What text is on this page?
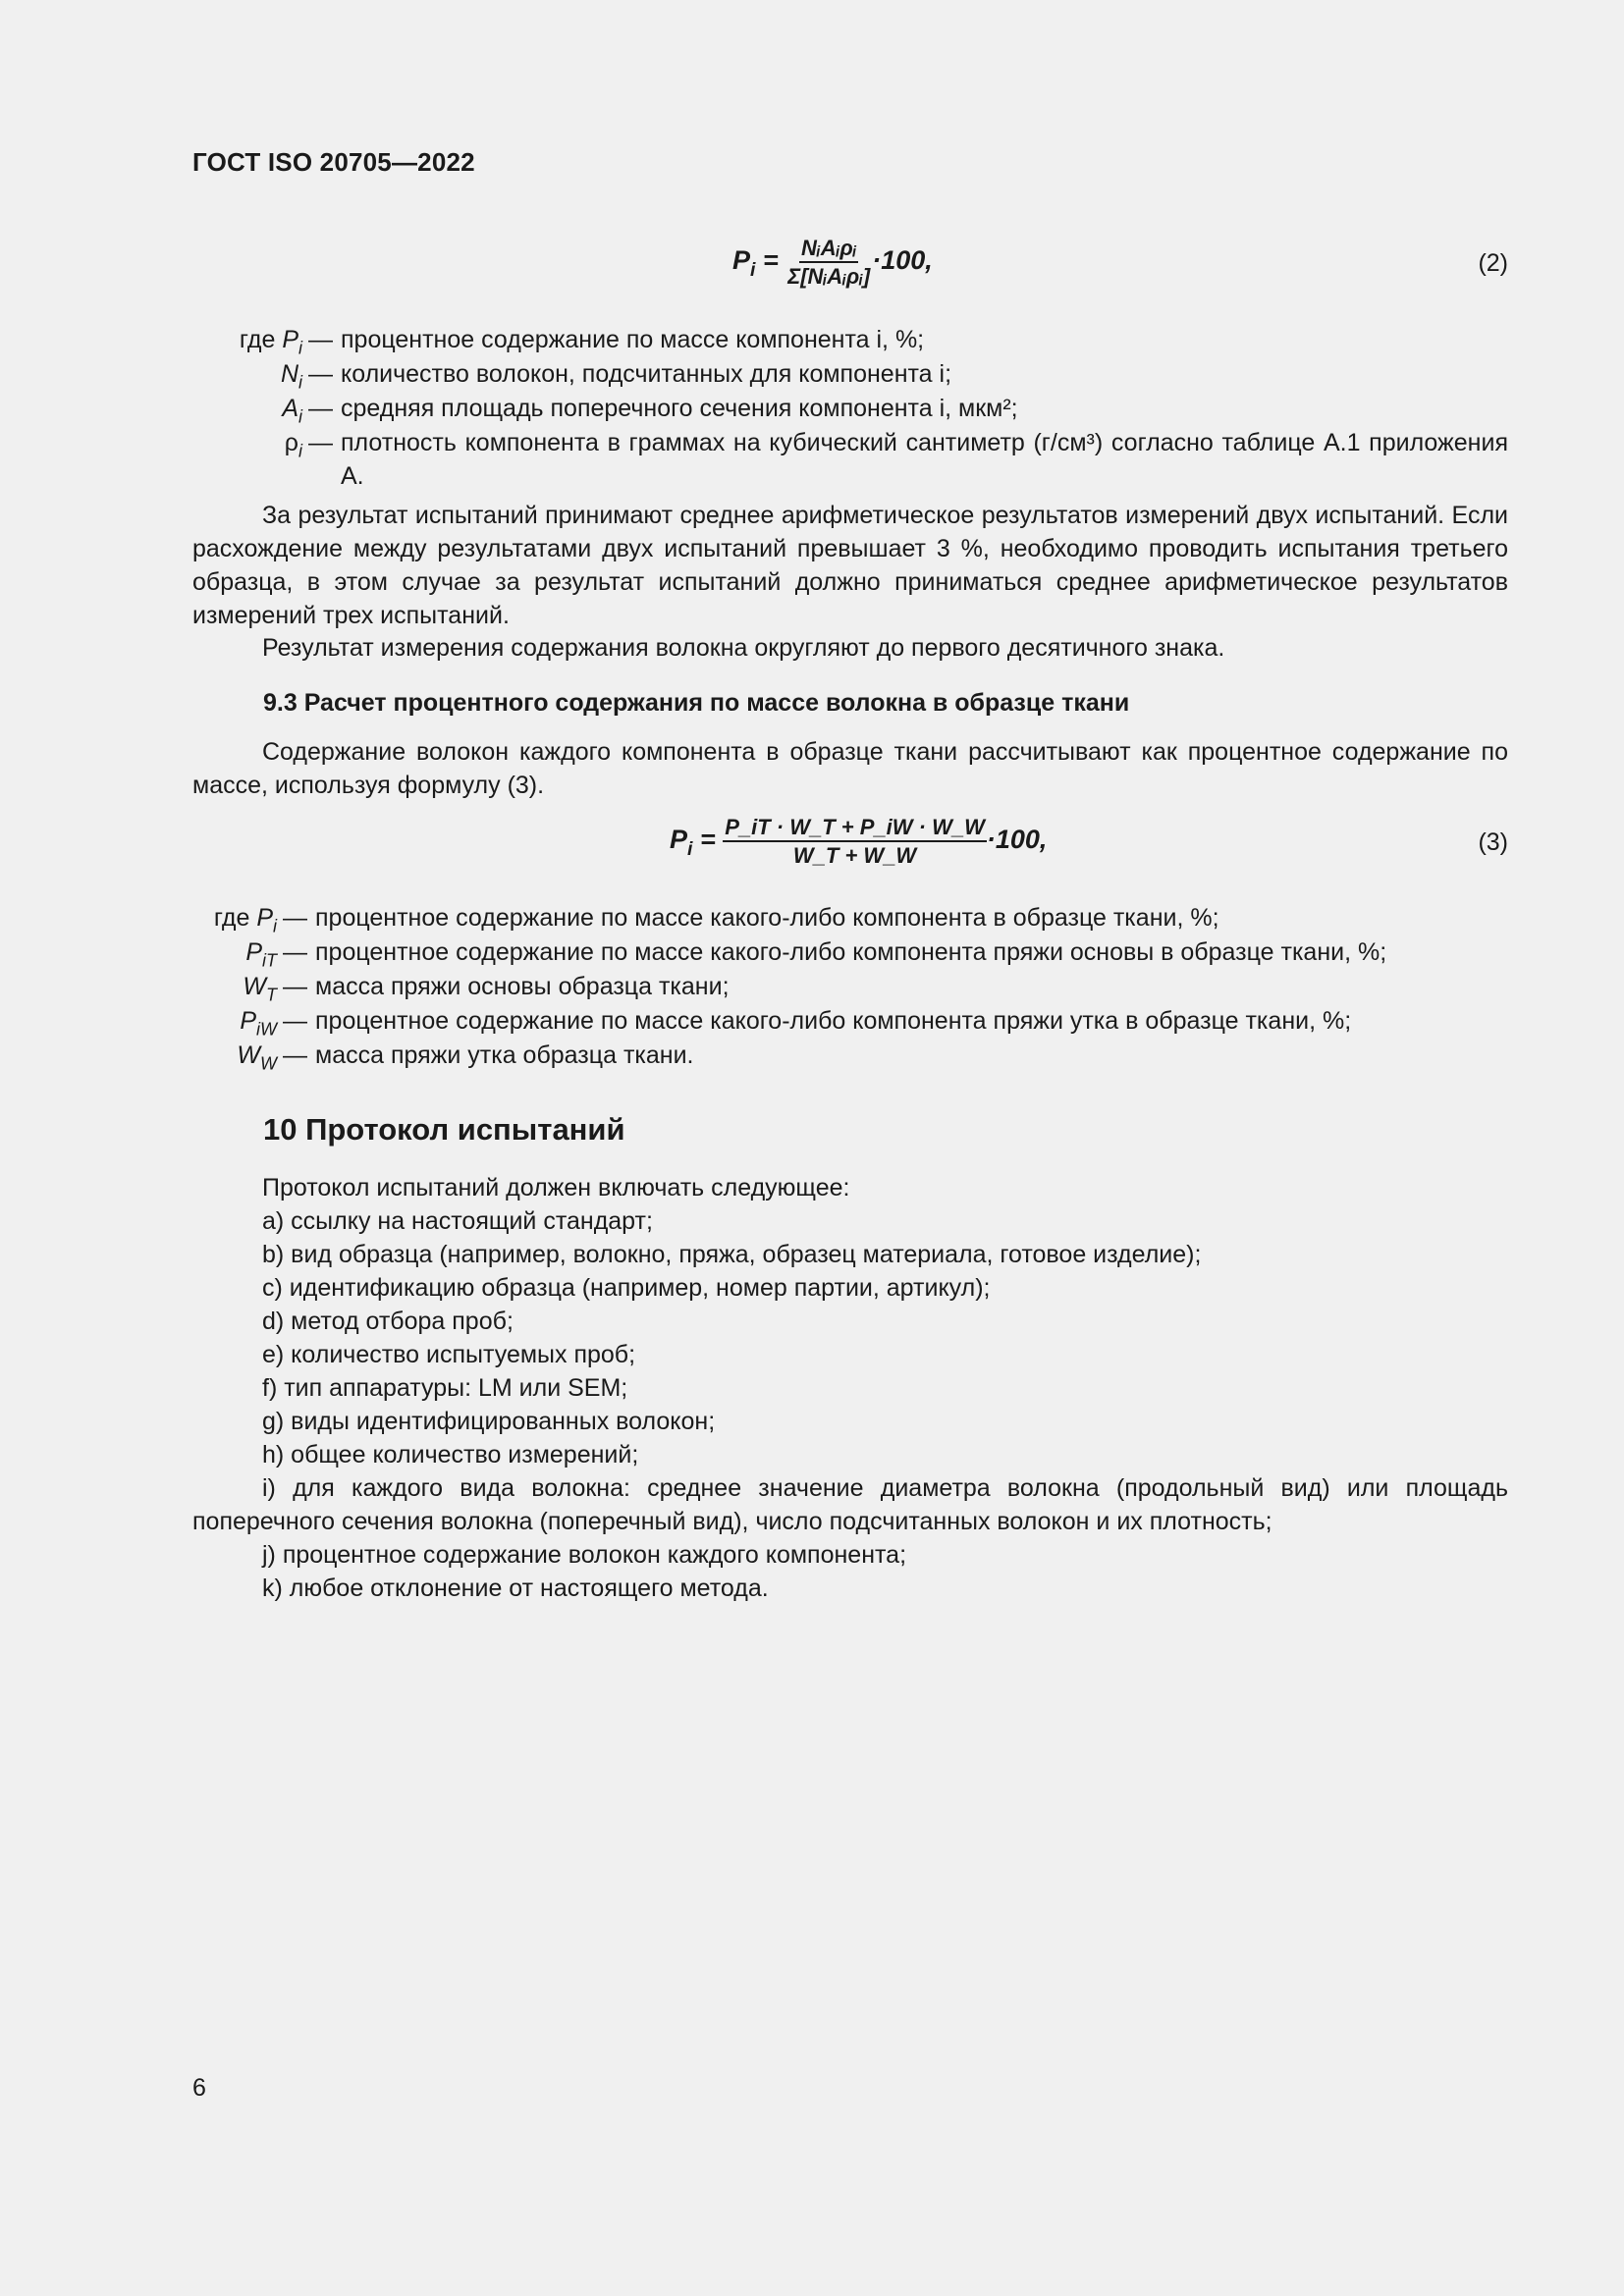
ГОСТ ISO 20705—2022
$P_i = \frac{\text{NᵢAᵢρᵢ}}{\text{Σ[NᵢAᵢρᵢ]}} \cdot 100$,	(2)
где $P_i$ — процентное содержание по массе компонента i, %;
$N_i$ — количество волокон, подсчитанных для компонента i;
$A_i$ — средняя площадь поперечного сечения компонента i, мкм²;
$\rho_i$ — плотность компонента в граммах на кубический сантиметр (г/см³) согласно таблице А.1 приложения А.
За результат испытаний принимают среднее арифметическое результатов измерений двух испытаний. Если расхождение между результатами двух испытаний превышает 3 %, необходимо проводить испытания третьего образца, в этом случае за результат испытаний должно приниматься среднее арифметическое результатов измерений трех испытаний.
Результат измерения содержания волокна округляют до первого десятичного знака.
9.3 Расчет процентного содержания по массе волокна в образце ткани
Содержание волокон каждого компонента в образце ткани рассчитывают как процентное содержание по массе, используя формулу (3).
$P_i = \frac{P\_iT \cdot W\_T + P\_iW \cdot W\_W}{W\_T + W\_W} \cdot 100$,	(3)
где $P_i$ — процентное содержание по массе какого-либо компонента в образце ткани, %;
$P_{iT}$ — процентное содержание по массе какого-либо компонента пряжи основы в образце ткани, %;
$W_T$ — масса пряжи основы образца ткани;
$P_{iW}$ — процентное содержание по массе какого-либо компонента пряжи утка в образце ткани, %;
$W_W$ — масса пряжи утка образца ткани.
10 Протокол испытаний
Протокол испытаний должен включать следующее:
a) ссылку на настоящий стандарт;
b) вид образца (например, волокно, пряжа, образец материала, готовое изделие);
c) идентификацию образца (например, номер партии, артикул);
d) метод отбора проб;
e) количество испытуемых проб;
f) тип аппаратуры: LM или SEM;
g) виды идентифицированных волокон;
h) общее количество измерений;
i) для каждого вида волокна: среднее значение диаметра волокна (продольный вид) или площадь поперечного сечения волокна (поперечный вид), число подсчитанных волокон и их плотность;
j) процентное содержание волокон каждого компонента;
k) любое отклонение от настоящего метода.
6
